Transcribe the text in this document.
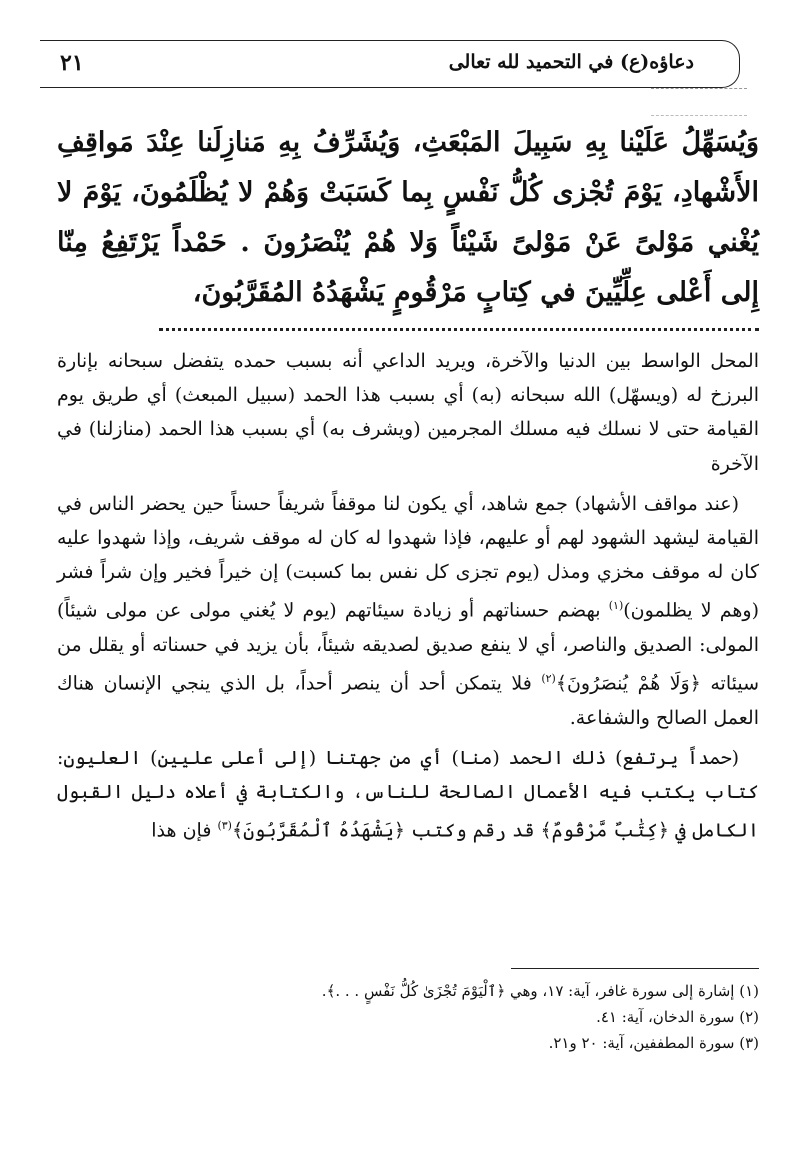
دعاؤه(ع) في التحميد لله تعالى
٢١
وَيُسَهِّلُ عَلَيْنا بِهِ سَبِيلَ المَبْعَثِ، وَيُشَرِّفُ بِهِ مَنازِلَنا عِنْدَ مَواقِفِ الأَشْهادِ، يَوْمَ تُجْزى كُلُّ نَفْسٍ بِما كَسَبَتْ وَهُمْ لا يُظْلَمُونَ، يَوْمَ لا يُغْني مَوْلىً عَنْ مَوْلىً شَيْئاً وَلا هُمْ يُنْصَرُونَ . حَمْداً يَرْتَفِعُ مِنّا إِلى أَعْلى عِلِّيِّينَ في كِتابٍ مَرْقُومٍ يَشْهَدُهُ المُقَرَّبُونَ،

المحل الواسط بين الدنيا والآخرة، ويريد الداعي أنه بسبب حمده يتفضل سبحانه بإنارة البرزخ له (ويسهّل) الله سبحانه (به) أي بسبب هذا الحمد (سبيل المبعث) أي طريق يوم القيامة حتى لا نسلك فيه مسلك المجرمين (ويشرف به) أي بسبب هذا الحمد (منازلنا) في الآخرة

(عند مواقف الأشهاد) جمع شاهد، أي يكون لنا موقفاً شريفاً حسناً حين يحضر الناس في القيامة ليشهد الشهود لهم أو عليهم، فإذا شهدوا له كان له موقف شريف، وإذا شهدوا عليه كان له موقف مخزي ومذل (يوم تجزى كل نفس بما كسبت) إن خيراً فخير وإن شراً فشر (وهم لا يظلمون)$^{(١)}$ بهضم حسناتهم أو زيادة سيئاتهم (يوم لا يُغني مولى عن مولى شيئاً) المولى: الصديق والناصر، أي لا ينفع صديق لصديقه شيئاً، بأن يزيد في حسناته أو يقلل من سيئاته ﴿وَلَا هُمْ يُنصَرُونَ﴾$^{(٢)}$ فلا يتمكن أحد أن ينصر أحداً، بل الذي ينجي الإنسان هناك العمل الصالح والشفاعة.

(حمداً يرتفع) ذلك الحمد (منا) أي من جهتنا (إلى أعلى عليين) العليون: كتاب يكتب فيه الأعمال الصالحة للناس، والكتابة في أعلاه دليل القبول الكامل في ﴿كِتَٰبٌ مَّرْقُومٌ﴾ قد رقم وكتب ﴿يَشْهَدُهُ ٱلْمُقَرَّبُونَ﴾$^{(٣)}$ فإن هذا

(١) إشارة إلى سورة غافر، آية: ١٧، وهي ﴿ٱلْيَوْمَ تُجْزَىٰ كُلُّ نَفْسٍ . . .﴾.

(٢) سورة الدخان، آية: ٤١.

(٣) سورة المطففين، آية: ٢٠ و٢١.
